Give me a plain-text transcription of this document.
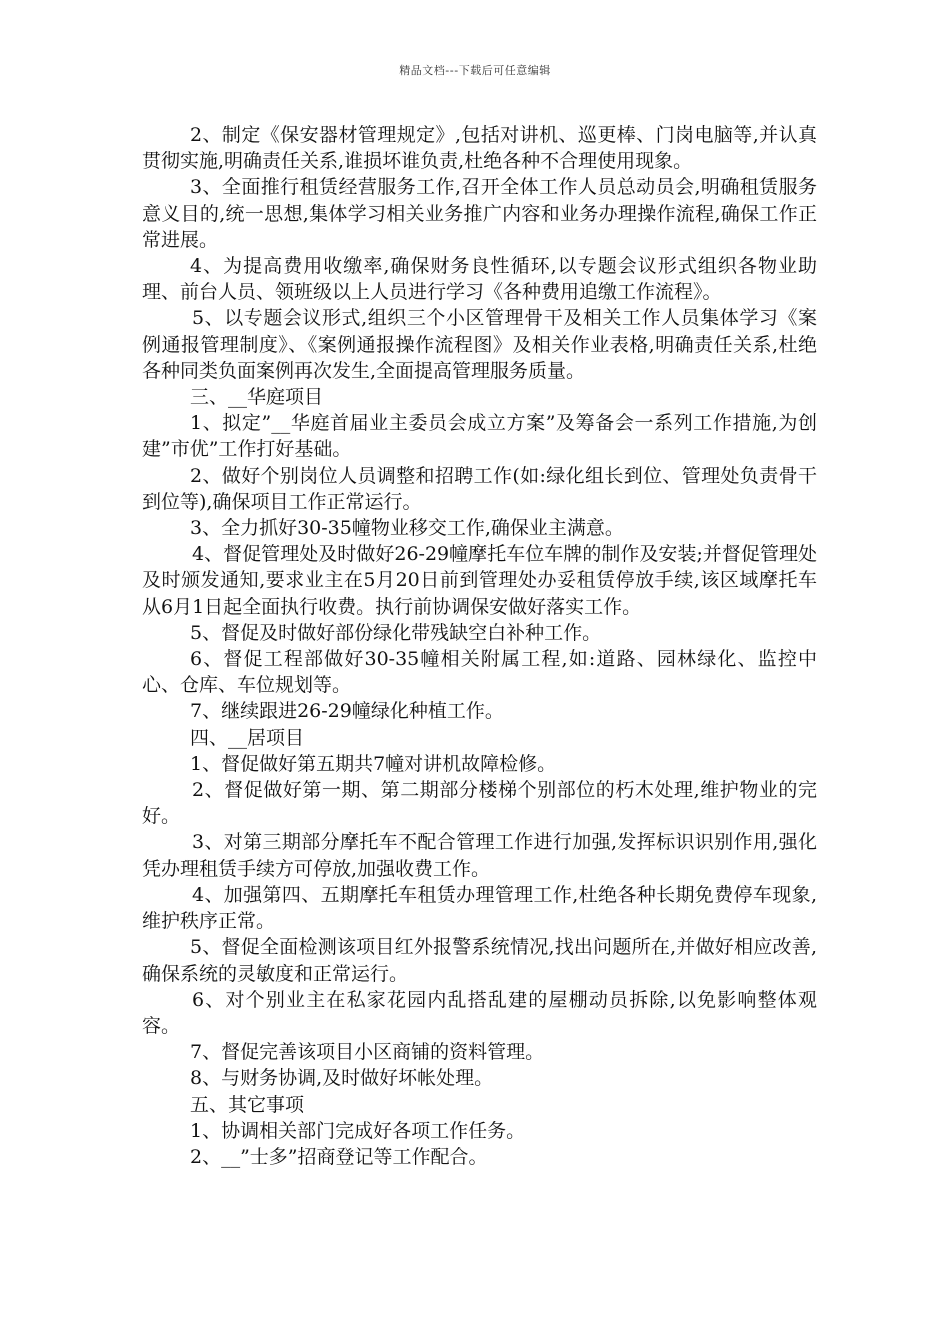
精品文档---下载后可任意编辑

2、制定《保安器材管理规定》,包括对讲机、巡更棒、门岗电脑等,并认真贯彻实施,明确责任关系,谁损坏谁负责,杜绝各种不合理使用现象。

3、全面推行租赁经营服务工作,召开全体工作人员总动员会,明确租赁服务意义目的,统一思想,集体学习相关业务推广内容和业务办理操作流程,确保工作正常进展。

4、为提高费用收缴率,确保财务良性循环,以专题会议形式组织各物业助理、前台人员、领班级以上人员进行学习《各种费用追缴工作流程》。

5、以专题会议形式,组织三个小区管理骨干及相关工作人员集体学习《案例通报管理制度》、《案例通报操作流程图》及相关作业表格,明确责任关系,杜绝各种同类负面案例再次发生,全面提高管理服务质量。

三、__华庭项目

1、拟定”__华庭首届业主委员会成立方案”及筹备会一系列工作措施,为创建”市优”工作打好基础。

2、做好个别岗位人员调整和招聘工作(如:绿化组长到位、管理处负责骨干到位等),确保项目工作正常运行。

3、全力抓好30-35幢物业移交工作,确保业主满意。

4、督促管理处及时做好26-29幢摩托车位车牌的制作及安装;并督促管理处及时颁发通知,要求业主在5月20日前到管理处办妥租赁停放手续,该区域摩托车从6月1日起全面执行收费。执行前协调保安做好落实工作。

5、督促及时做好部份绿化带残缺空白补种工作。

6、督促工程部做好30-35幢相关附属工程,如:道路、园林绿化、监控中心、仓库、车位规划等。

7、继续跟进26-29幢绿化种植工作。

四、__居项目

1、督促做好第五期共7幢对讲机故障检修。

2、督促做好第一期、第二期部分楼梯个别部位的朽木处理,维护物业的完好。

3、对第三期部分摩托车不配合管理工作进行加强,发挥标识识别作用,强化凭办理租赁手续方可停放,加强收费工作。

4、加强第四、五期摩托车租赁办理管理工作,杜绝各种长期免费停车现象,维护秩序正常。

5、督促全面检测该项目红外报警系统情况,找出问题所在,并做好相应改善,确保系统的灵敏度和正常运行。

6、对个别业主在私家花园内乱搭乱建的屋棚动员拆除,以免影响整体观容。

7、督促完善该项目小区商铺的资料管理。

8、与财务协调,及时做好坏帐处理。

五、其它事项

1、协调相关部门完成好各项工作任务。

2、__”士多”招商登记等工作配合。
